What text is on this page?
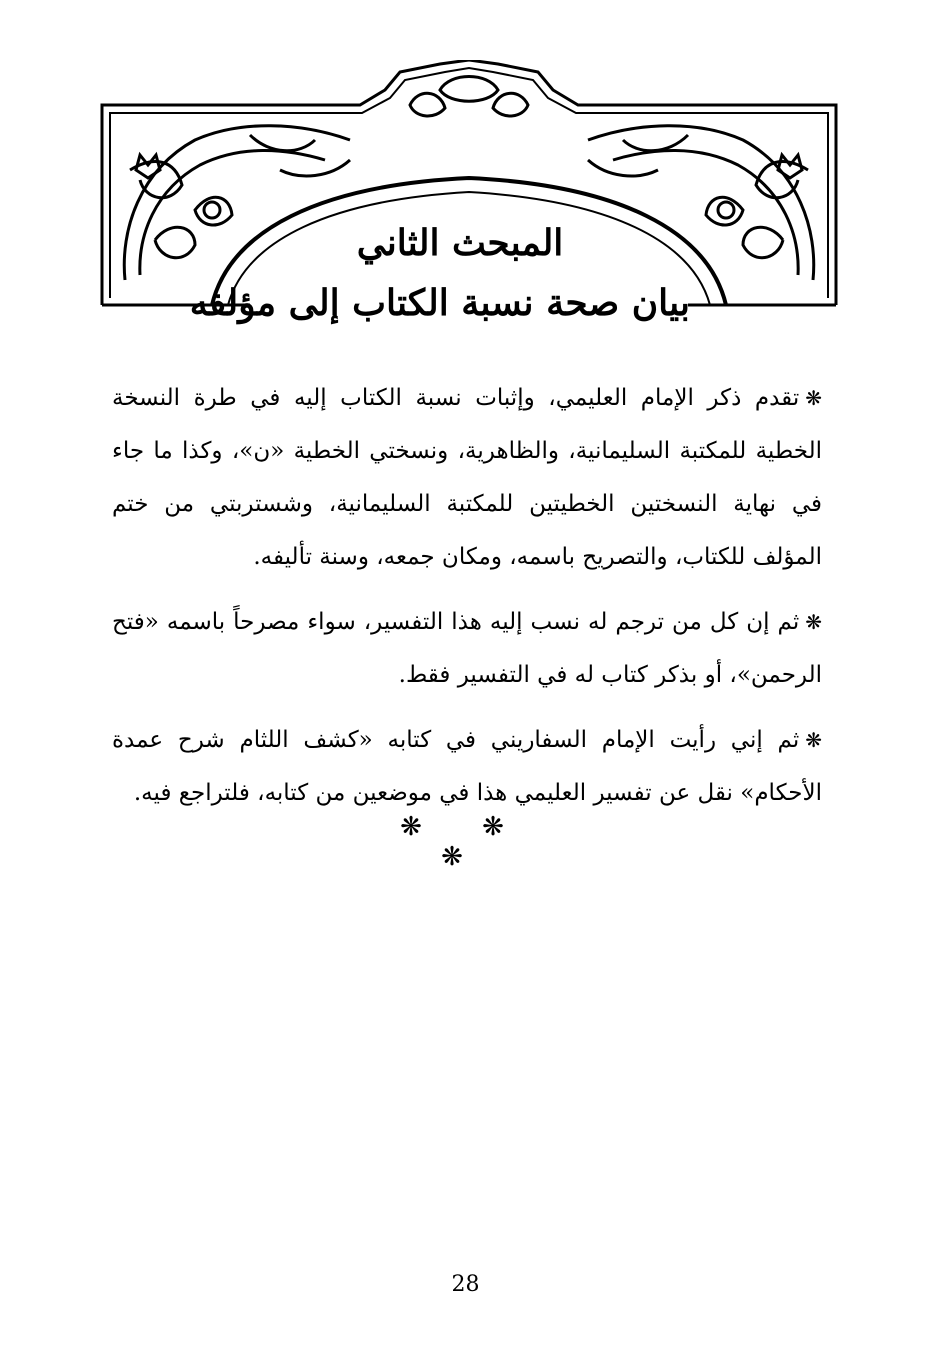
المبحث الثاني
بيان صحة نسبة الكتاب إلى مؤلفه

❋تقدم ذكر الإمام العليمي، وإثبات نسبة الكتاب إليه في طرة النسخة الخطية للمكتبة السليمانية، والظاهرية، ونسختي الخطية «ن»، وكذا ما جاء في نهاية النسختين الخطيتين للمكتبة السليمانية، وشستربتي من ختم المؤلف للكتاب، والتصريح باسمه، ومكان جمعه، وسنة تأليفه.

❋ثم إن كل من ترجم له نسب إليه هذا التفسير، سواء مصرحاً باسمه «فتح الرحمن»، أو بذكر كتاب له في التفسير فقط.

❋ثم إني رأيت الإمام السفاريني في كتابه «كشف اللثام شرح عمدة الأحكام» نقل عن تفسير العليمي هذا في موضعين من كتابه، فلتراجع فيه.

❋ ❋ ❋
28
